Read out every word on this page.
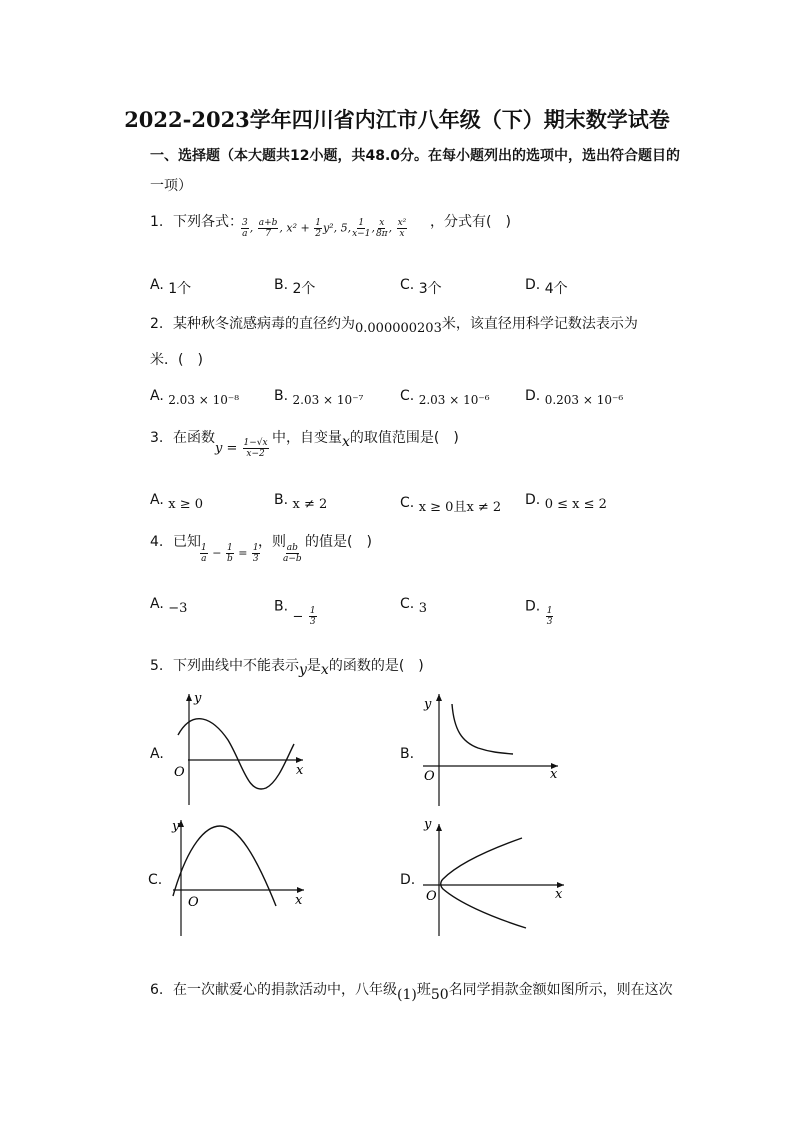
2022-2023学年四川省内江市八年级（下）期末数学试卷
一、选择题（本大题共12小题，共48.0分。在每小题列出的选项中，选出符合题目的
一项）
1. 下列各式：
$\frac{3}{a}$ , $\frac{a+b}{7}$ , $x^2 + \frac{1}{2} y^2$, 5, $\frac{1}{x-1}$ , $\frac{x}{8\pi}$ , $\frac{\text{x²}}{x}$ ，分式有(　)
A. 1个	B. 2个	C. 3个	D. 4个
2. 某种秋冬流感病毒的直径约为0.000000203米，该直径用科学记数法表示为
米．(　)
A. 2.03 × 10⁻⁸ B. 2.03 × 10⁻⁷	C. 2.03 × 10⁻⁶	D. 0.203 × 10⁻⁶
3. 在函数
$y = \frac{1-√x}{x-2}$ 中，自变量x的取值范围是(　)
A. x ≥ 0	B. x ≠ 2	C. x ≥ 0且x ≠ 2 D. 0 ≤ x ≤ 2
4. 已知
$\frac{1}{a} - \frac{1}{b} = \frac{1}{3}$
，则
$\frac{ab}{a-b}$
的值是(　)
A. −3	B. − $\frac{1}{3}$
C. 3	D. $\frac{1}{3}$
5. 下列曲线中不能表示y是x的函数的是(　)
A.
y
O	x
B.
y
O	x
C.
y
O	x
D.
y
O	x
6. 在一次献爱心的捐款活动中，八年级(1)班50名同学捐款金额如图所示，则在这次
